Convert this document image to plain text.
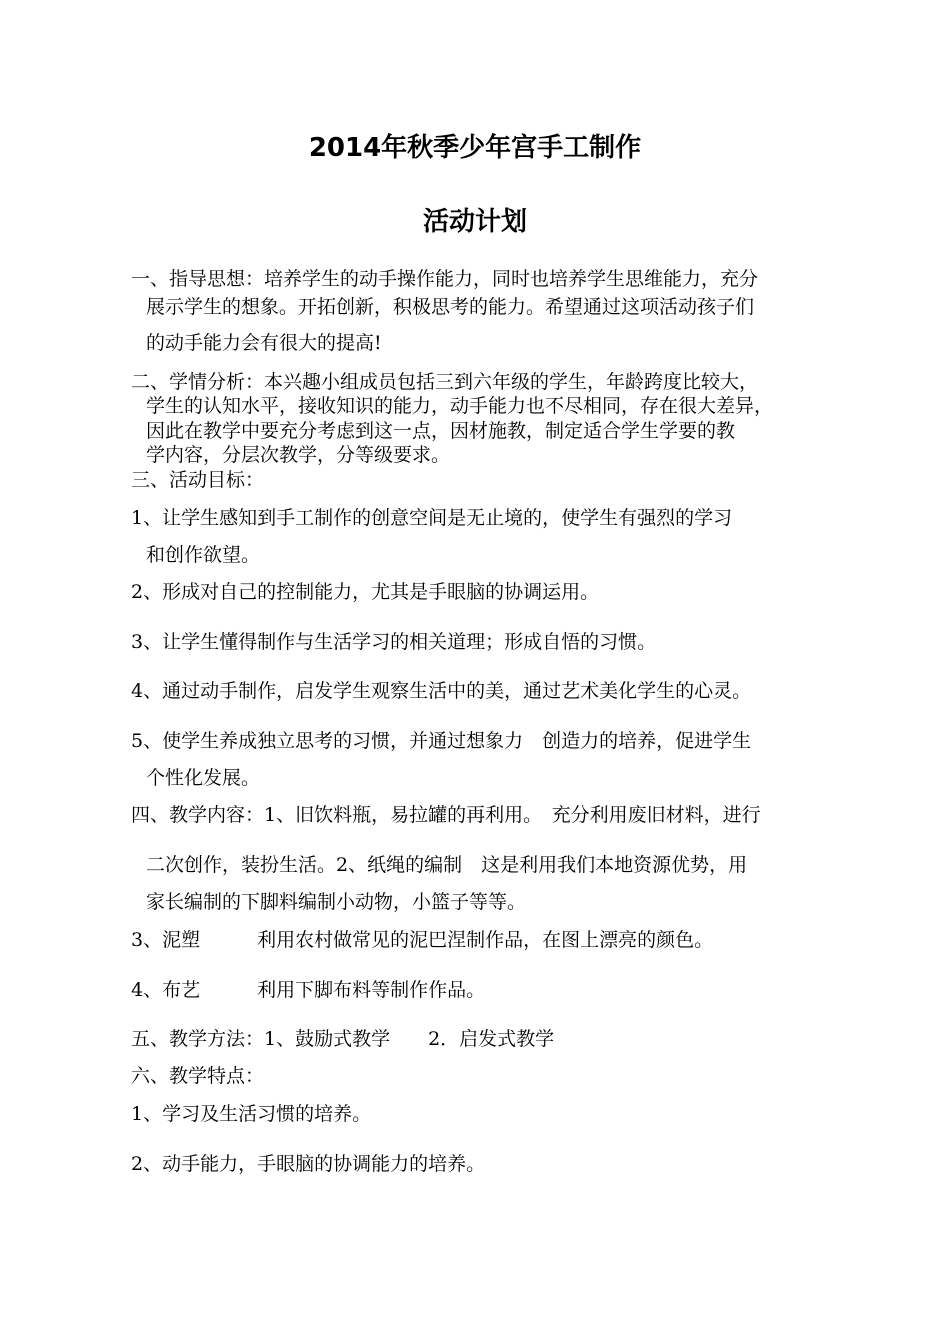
2014年秋季少年宫手工制作
活动计划

一、指导思想：培养学生的动手操作能力，同时也培养学生思维能力，充分

展示学生的想象。开拓创新，积极思考的能力。希望通过这项活动孩子们

的动手能力会有很大的提高!

二、学情分析：本兴趣小组成员包括三到六年级的学生，年龄跨度比较大，

学生的认知水平，接收知识的能力，动手能力也不尽相同，存在很大差异，

因此在教学中要充分考虑到这一点，因材施教，制定适合学生学要的教

学内容，分层次教学，分等级要求。

三、活动目标：

1、让学生感知到手工制作的创意空间是无止境的，使学生有强烈的学习

和创作欲望。

2、形成对自己的控制能力，尤其是手眼脑的协调运用。

3、让学生懂得制作与生活学习的相关道理；形成自悟的习惯。

4、通过动手制作，启发学生观察生活中的美，通过艺术美化学生的心灵。

5、使学生养成独立思考的习惯，并通过想象力　创造力的培养，促进学生

个性化发展。

四、教学内容：1、旧饮料瓶，易拉罐的再利用。　充分利用废旧材料，进行

二次创作，装扮生活。2、纸绳的编制　这是利用我们本地资源优势，用

家长编制的下脚料编制小动物，小篮子等等。

3、泥塑　　　利用农村做常见的泥巴涅制作品，在图上漂亮的颜色。

4、布艺　　　利用下脚布料等制作作品。

五、教学方法：1、鼓励式教学　　2．启发式教学

六、教学特点：

1、学习及生活习惯的培养。

2、动手能力，手眼脑的协调能力的培养。
